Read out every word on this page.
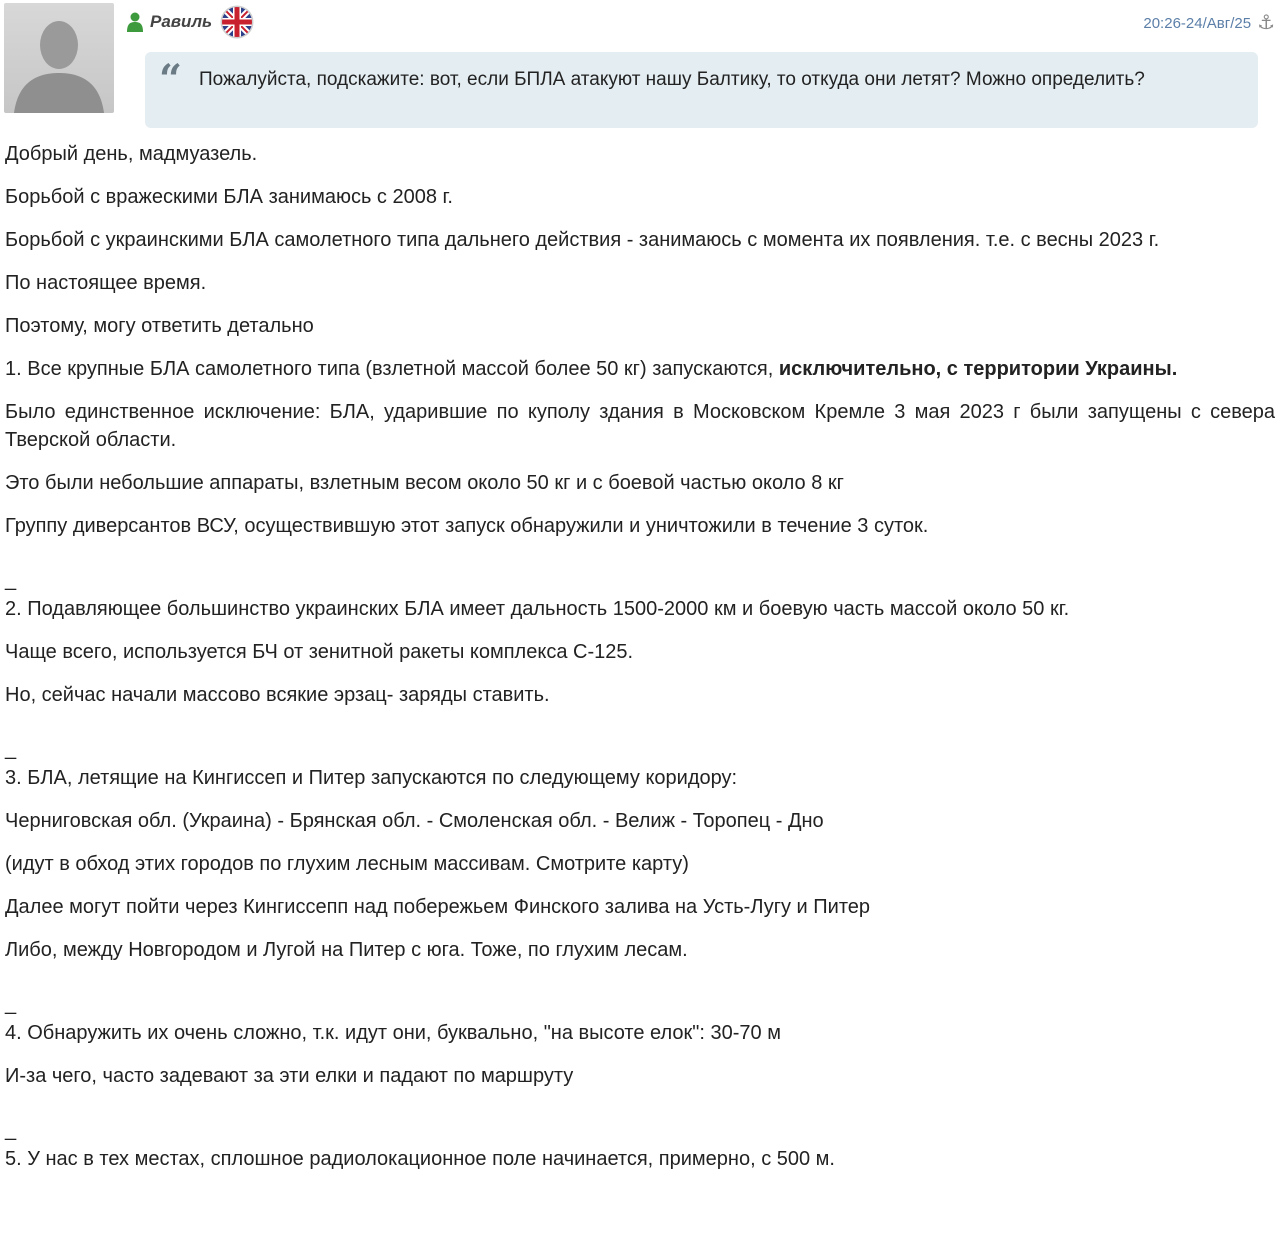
Равиль	20:26-24/Авг/25 ⚓
“ Пожалуйста, подскажите: вот, если БПЛА атакуют нашу Балтику, то откуда они летят? Можно определить?

Добрый день, мадмуазель.

Борьбой с вражескими БЛА занимаюсь с 2008 г.

Борьбой с украинскими БЛА самолетного типа дальнего действия - занимаюсь с момента их появления. т.е. с весны 2023 г.

По настоящее время.

Поэтому, могу ответить детально

1. Все крупные БЛА самолетного типа (взлетной массой более 50 кг) запускаются, исключительно, с территории Украины.

Было единственное исключение: БЛА, ударившие по куполу здания в Московском Кремле 3 мая 2023 г были запущены с севера Тверской области.

Это были небольшие аппараты, взлетным весом около 50 кг и с боевой частью около 8 кг

Группу диверсантов ВСУ, осуществившую этот запуск обнаружили и уничтожили в течение 3 суток.

_

2. Подавляющее большинство украинских БЛА имеет дальность 1500-2000 км и боевую часть массой около 50 кг.

Чаще всего, используется БЧ от зенитной ракеты комплекса С-125.

Но, сейчас начали массово всякие эрзац- заряды ставить.

_

3. БЛА, летящие на Кингиссеп и Питер запускаются по следующему коридору:

Черниговская обл. (Украина) - Брянская обл. - Смоленская обл. - Велиж - Торопец - Дно

(идут в обход этих городов по глухим лесным массивам. Смотрите карту)

Далее могут пойти через Кингиссепп над побережьем Финского залива на Усть-Лугу и Питер

Либо, между Новгородом и Лугой на Питер с юга. Тоже, по глухим лесам.

_

4. Обнаружить их очень сложно, т.к. идут они, буквально, "на высоте елок": 30-70 м

И-за чего, часто задевают за эти елки и падают по маршруту

_

5. У нас в тех местах, сплошное радиолокационное поле начинается, примерно, с 500 м.
